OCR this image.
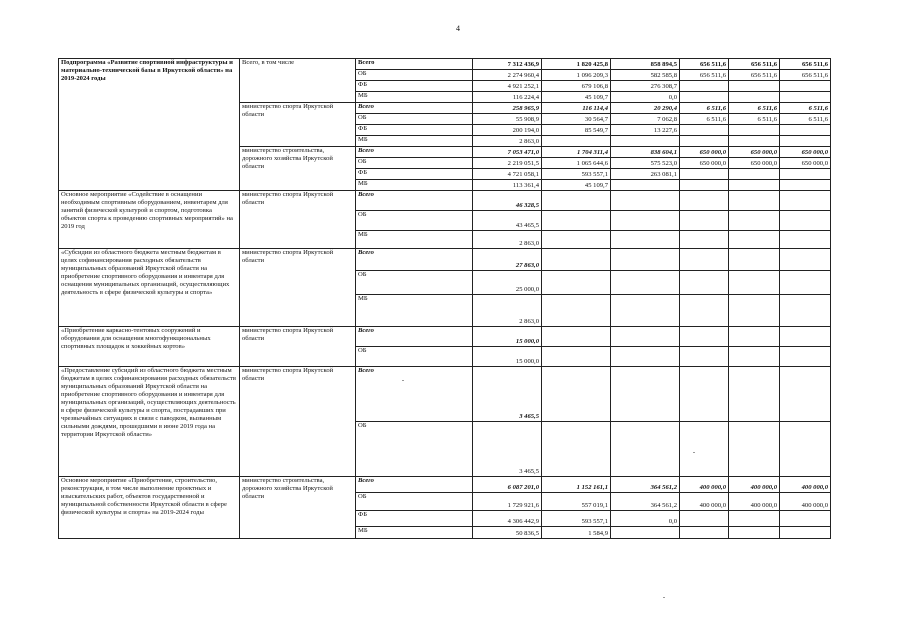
4
Подпрограмма «Развитие спортивной инфраструктуры и материально-технической базы в Иркутской области» на 2019-2024 годы	Всего, в том числе	Всего	7 312 436,9	1 820 425,8	858 894,5	656 511,6	656 511,6	656 511,6
		ОБ	2 274 960,4	1 096 209,3	582 585,8	656 511,6	656 511,6	656 511,6
		ФБ	4 921 252,1	679 106,8	276 308,7			
		МБ	116 224,4	45 109,7	0,0			
	министерство спорта Иркутской области	Всего	258 965,9	116 114,4	20 290,4	6 511,6	6 511,6	6 511,6
		ОБ	55 908,9	30 564,7	7 062,8	6 511,6	6 511,6	6 511,6
		ФБ	200 194,0	85 549,7	13 227,6			
		МБ	2 863,0					
	министерство строительства, дорожного хозяйства Иркутской области	Всего	7 053 471,0	1 704 311,4	838 604,1	650 000,0	650 000,0	650 000,0
		ОБ	2 219 051,5	1 065 644,6	575 523,0	650 000,0	650 000,0	650 000,0
		ФБ	4 721 058,1	593 557,1	263 081,1			
		МБ	113 361,4	45 109,7				
Основное мероприятие «Содействие в оснащении необходимым спортивным оборудованием, инвентарем для занятий физической культурой и спортом, подготовка объектов спорта к проведению спортивных мероприятий» на 2019 год	министерство спорта Иркутской области	Всего	46 328,5					
		ОБ	43 465,5					
		МБ	2 863,0					
«Субсидии из областного бюджета местным бюджетам в целях софинансирования расходных обязательств муниципальных образований Иркутской области на приобретение спортивного оборудования и инвентаря для оснащения муниципальных организаций, осуществляющих деятельность в сфере физической культуры и спорта»	министерство спорта Иркутской области	Всего	27 863,0					
		ОБ	25 000,0					
		МБ	2 863,0					
«Приобретение каркасно-тентовых сооружений и оборудования для оснащения многофункциональных спортивных площадок и хоккейных кортов»	министерство спорта Иркутской области	Всего	15 000,0					
		ОБ	15 000,0					
«Предоставление субсидий из областного бюджета местным бюджетам в целях софинансирования расходных обязательств муниципальных образований Иркутской области на приобретение спортивного оборудования и инвентаря для муниципальных организаций, осуществляющих деятельность в сфере физической культуры и спорта, пострадавших при чрезвычайных ситуациях в связи с паводком, вызванным сильными дождями, прошедшими в июне 2019 года на территории Иркутской области»	министерство спорта Иркутской области	Всего	3 465,5					
		ОБ	3 465,5					
Основное мероприятие «Приобретение, строительство, реконструкция, в том числе выполнение проектных и изыскательских работ, объектов государственной и муниципальной собственности Иркутской области в сфере физической культуры и спорта» на 2019-2024 годы	министерство строительства, дорожного хозяйства Иркутской области	Всего	6 087 201,0	1 152 161,1	364 561,2	400 000,0	400 000,0	400 000,0
		ОБ	1 729 921,6	557 019,1	364 561,2	400 000,0	400 000,0	400 000,0
		ФБ	4 306 442,9	593 557,1	0,0			
		МБ	50 836,5	1 584,9				
